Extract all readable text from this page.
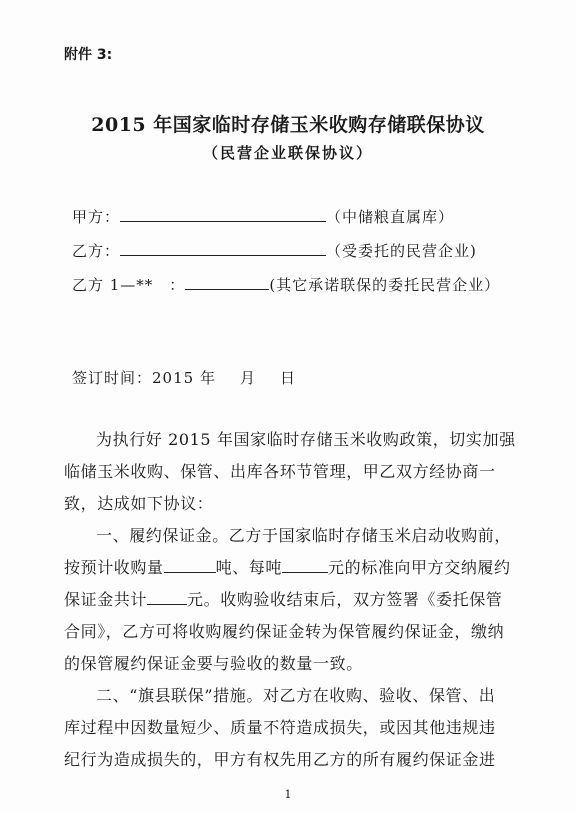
附件 3:
2015 年国家临时存储玉米收购存储联保协议
（民营企业联保协议）
甲方：	（中储粮直属库）
乙方：	（受委托的民营企业)
乙方 1—**　：	(其它承诺联保的委托民营企业）
签订时间：2015 年 月 日
为执行好 2015 年国家临时存储玉米收购政策，切实加强
临储玉米收购、保管、出库各环节管理，甲乙双方经协商一
致，达成如下协议：
一、履约保证金。乙方于国家临时存储玉米启动收购前，
按预计收购量	吨、每吨	元的标准向甲方交纳履约
保证金共计	元。收购验收结束后，双方签署《委托保管
合同》，乙方可将收购履约保证金转为保管履约保证金，缴纳
的保管履约保证金要与验收的数量一致。
二、“旗县联保”措施。对乙方在收购、验收、保管、出
库过程中因数量短少、质量不符造成损失，或因其他违规违
纪行为造成损失的，甲方有权先用乙方的所有履约保证金进
1
